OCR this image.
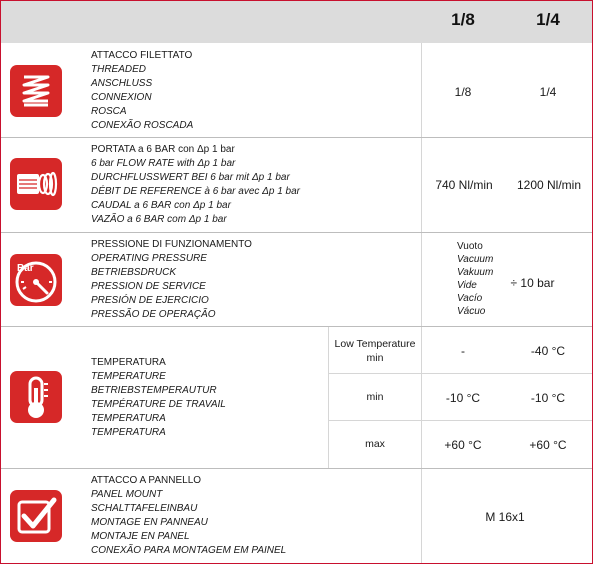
1/8	1/4
ATTACCO FILETTATO
THREADED
ANSCHLUSS
CONNEXION
ROSCA
CONEXÃO ROSCADA
1/8	1/4
PORTATA a 6 BAR con Δp 1 bar
6 bar FLOW RATE with Δp 1 bar
DURCHFLUSSWERT BEI 6 bar mit Δp 1 bar
DÉBIT DE REFERENCE à 6 bar avec Δp 1 bar
CAUDAL a 6 BAR con Δp 1 bar
VAZÃO a 6 BAR com Δp 1 bar
740 Nl/min	1200 Nl/min
Bar
PRESSIONE DI FUNZIONAMENTO
OPERATING PRESSURE
BETRIEBSDRUCK
PRESSION DE SERVICE
PRESIÓN DE EJERCICIO
PRESSÃO DE OPERAÇÃO
Vuoto
Vacuum
Vakuum
Vide
Vacío
Vácuo
÷ 10 bar
TEMPERATURA
TEMPERATURE
BETRIEBSTEMPERAUTUR
TEMPÉRATURE DE TRAVAIL
TEMPERATURA
TEMPERATURA
Low Temperature min	-	-40 °C
min	-10 °C	-10 °C
max	+60 °C	+60 °C
ATTACCO A PANNELLO
PANEL MOUNT
SCHALTTAFELEINBAU
MONTAGE EN PANNEAU
MONTAJE EN PANEL
CONEXÃO PARA MONTAGEM EM PAINEL
M 16x1
